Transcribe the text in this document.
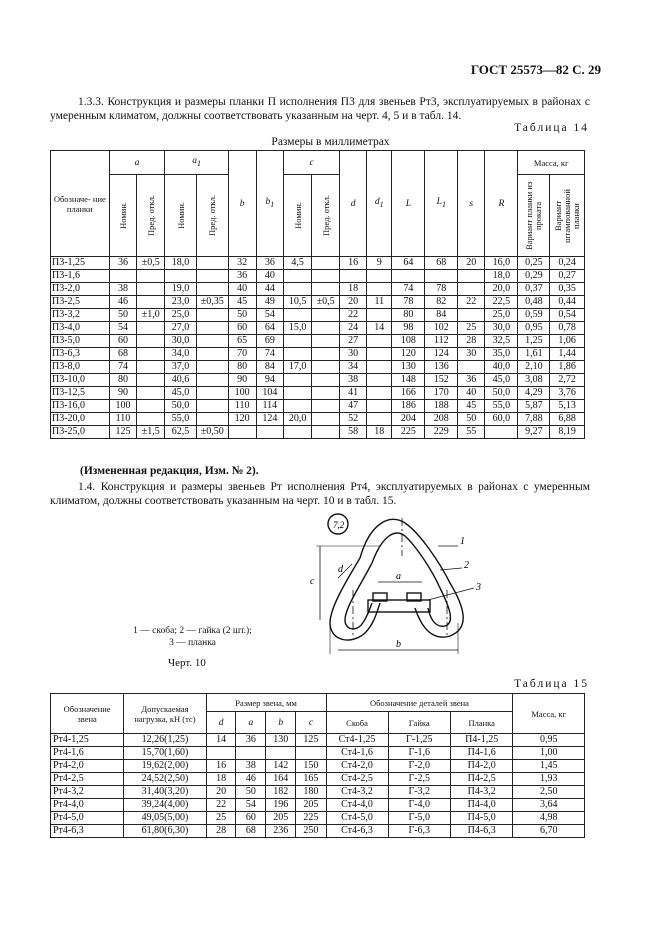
ГОСТ 25573—82 С. 29
1.3.3. Конструкция и размеры планки П исполнения П3 для звеньев Рт3, эксплуатируемых в районах с умеренным климатом, должны соответствовать указанным на черт. 4, 5 и в табл. 14.
Таблица 14
Размеры в миллиметрах
Обозначе- ние планки	a		$a_1$		b	$b_1$	c		d	$d_1$	L	$L_1$	s	R	Масса, кг	

	Номин.	Пред. откл.	Номин.	Пред. откл.			Номин.	Пред. откл.							Вариант планки из проката	Вариант штампованной планки

П3-1,25	36	±0,5	18,0		32	36	4,5		16	9	64	68	20	16,0	0,25	0,24
П3-1,6					36	40								18,0	0,29	0,27
П3-2,0	38		19,0		40	44			18		74	78		20,0	0,37	0,35
П3-2,5	46		23,0	±0,35	45	49	10,5	±0,5	20	11	78	82	22	22,5	0,48	0,44
П3-3,2	50	±1,0	25,0		50	54			22		80	84		25,0	0,59	0,54
П3-4,0	54		27,0		60	64	15,0		24	14	98	102	25	30,0	0,95	0,78
П3-5,0	60		30,0		65	69			27		108	112	28	32,5	1,25	1,06
П3-6,3	68		34,0		70	74			30		120	124	30	35,0	1,61	1,44
П3-8,0	74		37,0		80	84	17,0		34		130	136		40,0	2,10	1,86
П3-10,0	80		40,6		90	94			38		148	152	36	45,0	3,08	2,72
П3-12,5	90		45,0		100	104			41		166	170	40	50,0	4,29	3,76
П3-16,0	100		50,0		110	114			47		186	188	45	55,0	5,87	5,13
П3-20,0	110		55,0		120	124	20,0		52		204	208	50	60,0	7,88	6,88
П3-25,0	125	±1,5	62,5	±0,50					58	18	225	229	55		9,27	8,19
(Измененная редакция, Изм. № 2).
1.4. Конструкция и размеры звеньев Рт исполнения Рт4, эксплуатируемых в районах с умеренным климатом, должны соответствовать указанным на черт. 10 и в табл. 15.
7,2
1
2
3
c
d
a
b
1 — скоба; 2 — гайка (2 шт.);
3 — планка
Черт. 10
Таблица 15
Обозначение звена	Допускаемая нагрузка, кН (тс)	Размер звена, мм				Обозначение деталей звена			Масса, кг
		d	a	b	c	Скоба	Гайка	Планка	
Рт4-1,25	12,26(1,25)	14	36	130	125	Ст4-1,25	Г-1,25	П4-1,25	0,95
Рт4-1,6	15,70(1,60)					Ст4-1,6	Г-1,6	П4-1,6	1,00
Рт4-2,0	19,62(2,00)	16	38	142	150	Ст4-2,0	Г-2,0	П4-2,0	1,45
Рт4-2,5	24,52(2,50)	18	46	164	165	Ст4-2,5	Г-2,5	П4-2,5	1,93
Рт4-3,2	31,40(3,20)	20	50	182	180	Ст4-3,2	Г-3,2	П4-3,2	2,50
Рт4-4,0	39,24(4,00)	22	54	196	205	Ст4-4,0	Г-4,0	П4-4,0	3,64
Рт4-5,0	49,05(5,00)	25	60	205	225	Ст4-5,0	Г-5,0	П4-5,0	4,98
Рт4-6,3	61,80(6,30)	28	68	236	250	Ст4-6,3	Г-6,3	П4-6,3	6,70
